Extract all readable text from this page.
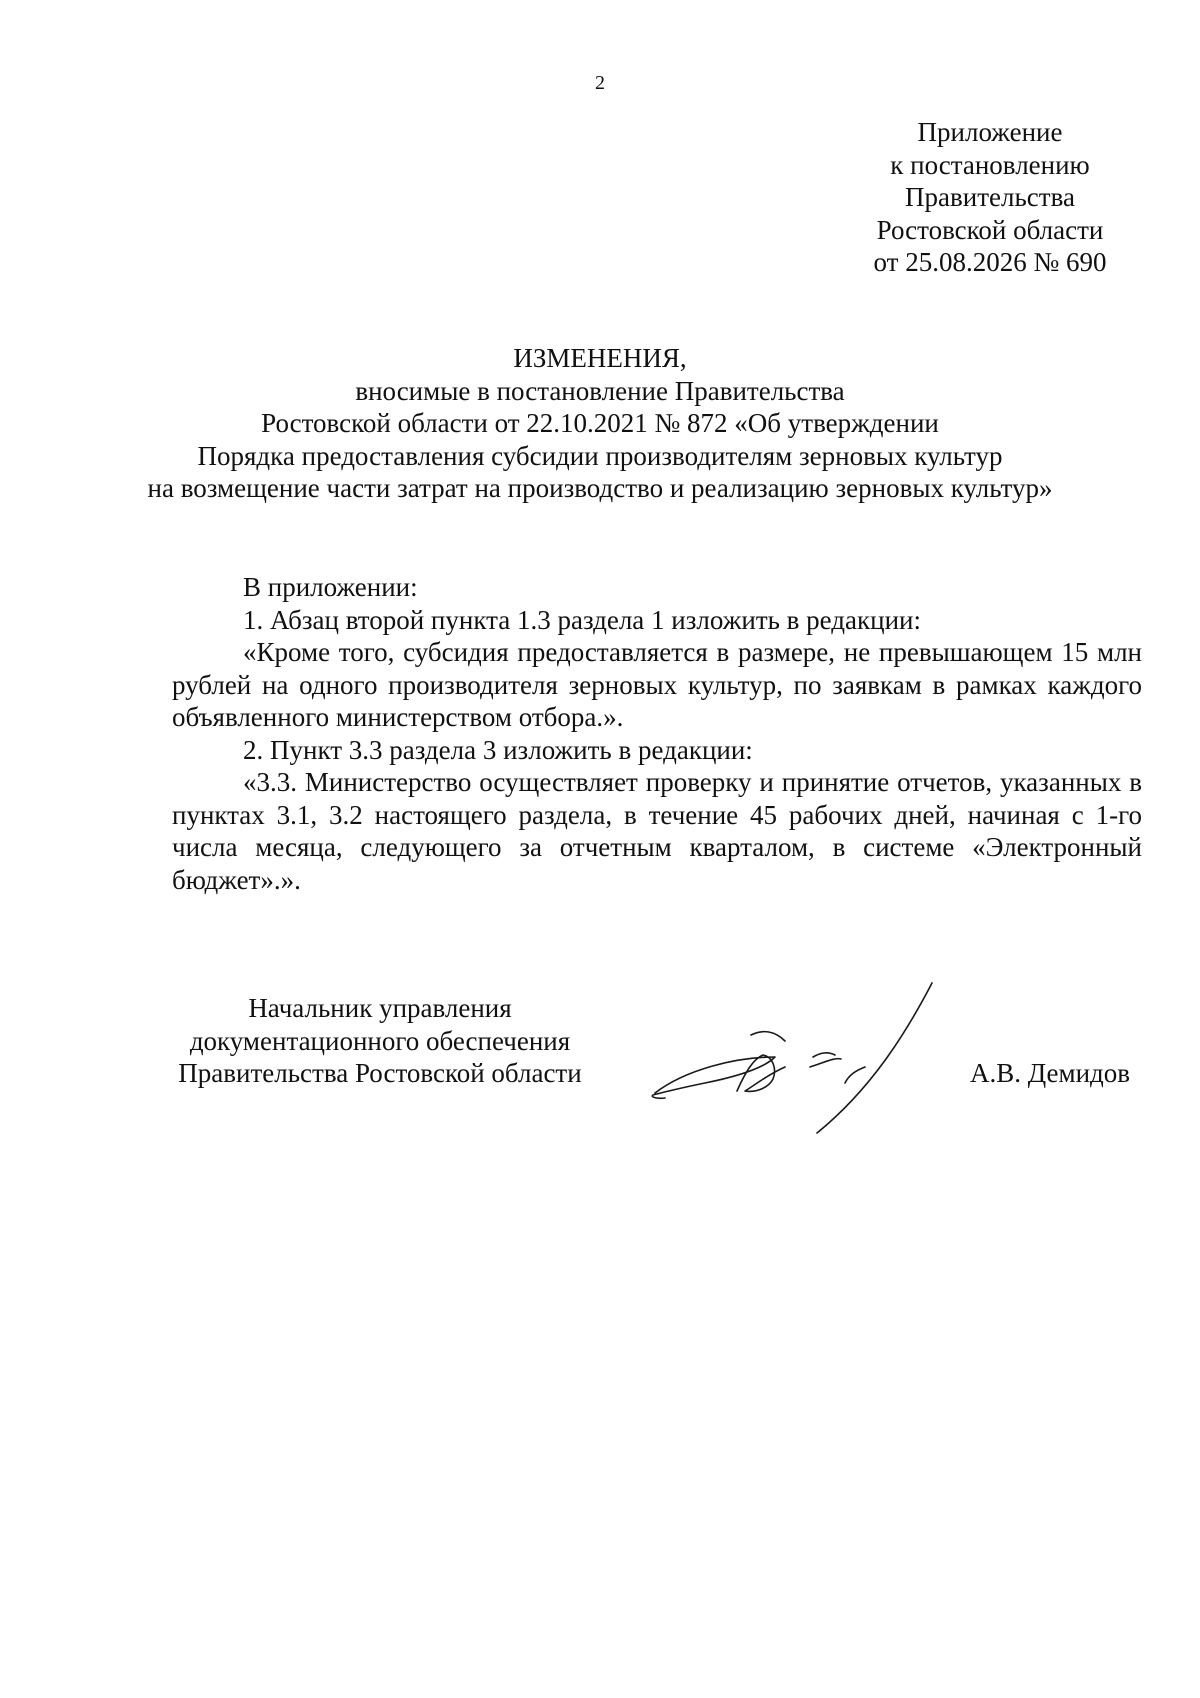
2
Приложение
к постановлению
Правительства
Ростовской области
от 25.08.2026 № 690
ИЗМЕНЕНИЯ,
вносимые в постановление Правительства
Ростовской области от 22.10.2021 № 872 «Об утверждении
Порядка предоставления субсидии производителям зерновых культур
на возмещение части затрат на производство и реализацию зерновых культур»

В приложении:

1. Абзац второй пункта 1.3 раздела 1 изложить в редакции:

«Кроме того, субсидия предоставляется в размере, не превышающем 15 млн рублей на одного производителя зерновых культур, по заявкам в рамках каждого объявленного министерством отбора.».

2. Пункт 3.3 раздела 3 изложить в редакции:

«3.3. Министерство осуществляет проверку и принятие отчетов, указанных в пунктах 3.1, 3.2 настоящего раздела, в течение 45 рабочих дней, начиная с 1-го числа месяца, следующего за отчетным кварталом, в системе «Электронный бюджет».».

Начальник управления
документационного обеспечения
Правительства Ростовской области	А.В. Демидов
